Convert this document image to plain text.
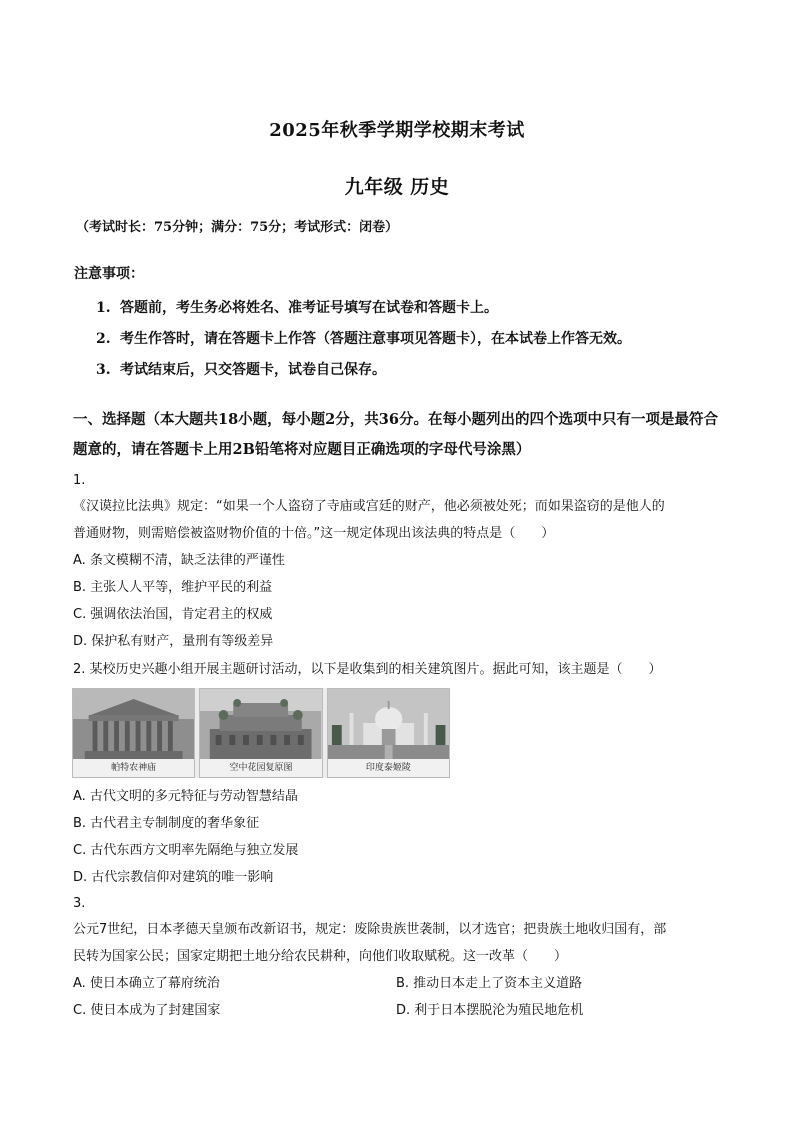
2025年秋季学期学校期末考试
九年级 历史
（考试时长：75分钟；满分：75分；考试形式：闭卷）
注意事项：
1. 答题前，考生务必将姓名、准考证号填写在试卷和答题卡上。
2. 考生作答时，请在答题卡上作答（答题注意事项见答题卡），在本试卷上作答无效。
3. 考试结束后，只交答题卡，试卷自己保存。
一、选择题（本大题共18小题，每小题2分，共36分。在每小题列出的四个选项中只有一项是最符合题意的，请在答题卡上用2B铅笔将对应题目正确选项的字母代号涂黑）
1.
《汉谟拉比法典》规定：“如果一个人盗窃了寺庙或宫廷的财产，他必须被处死；而如果盗窃的是他人的
普通财物，则需赔偿被盗财物价值的十倍。”这一规定体现出该法典的特点是（　　）
A. 条文模糊不清，缺乏法律的严谨性
B. 主张人人平等，维护平民的利益
C. 强调依法治国，肯定君主的权威
D. 保护私有财产，量刑有等级差异
2. 某校历史兴趣小组开展主题研讨活动，以下是收集到的相关建筑图片。据此可知，该主题是（　　）
帕特农神庙	空中花园复原图	印度泰姬陵
A. 古代文明的多元特征与劳动智慧结晶
B. 古代君主专制制度的奢华象征
C. 古代东西方文明率先隔绝与独立发展
D. 古代宗教信仰对建筑的唯一影响
3.
公元7世纪，日本孝德天皇颁布改新诏书，规定：废除贵族世袭制，以才选官；把贵族土地收归国有，部
民转为国家公民；国家定期把土地分给农民耕种，向他们收取赋税。这一改革（　　）
A. 使日本确立了幕府统治	B. 推动日本走上了资本主义道路
C. 使日本成为了封建国家	D. 利于日本摆脱沦为殖民地危机
